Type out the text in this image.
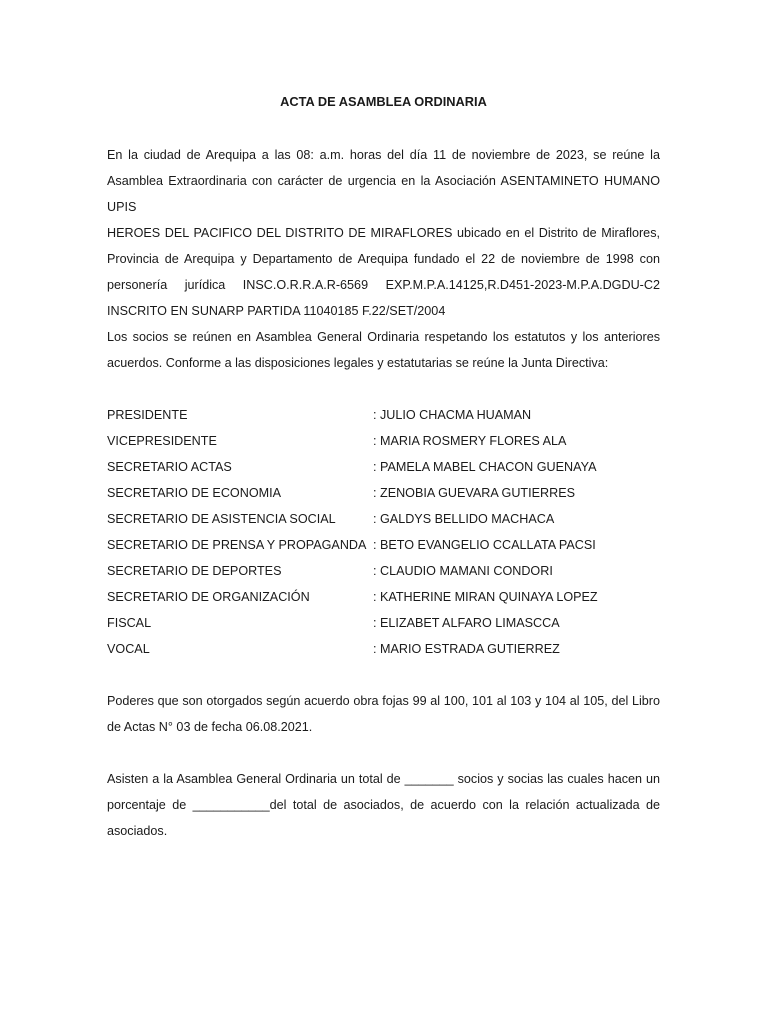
ACTA DE ASAMBLEA ORDINARIA
En la ciudad de Arequipa a las 08: a.m. horas del día 11 de noviembre de 2023, se reúne la
Asamblea Extraordinaria con carácter de urgencia en la Asociación ASENTAMINETO HUMANO UPIS
HEROES DEL PACIFICO DEL DISTRITO DE MIRAFLORES ubicado en el Distrito de Miraflores,
Provincia de Arequipa y Departamento de Arequipa fundado el 22 de noviembre de 1998 con
personería jurídica INSC.O.R.R.A.R-6569 EXP.M.P.A.14125,R.D451-2023-M.P.A.DGDU-C2
INSCRITO EN SUNARP PARTIDA 11040185 F.22/SET/2004
Los socios se reúnen en Asamblea General Ordinaria respetando los estatutos y los anteriores
acuerdos. Conforme a las disposiciones legales y estatutarias se reúne la Junta Directiva:
PRESIDENTE	: JULIO CHACMA HUAMAN
VICEPRESIDENTE	: MARIA ROSMERY FLORES ALA
SECRETARIO ACTAS	: PAMELA MABEL CHACON GUENAYA
SECRETARIO DE ECONOMIA	: ZENOBIA GUEVARA GUTIERRES
SECRETARIO DE ASISTENCIA SOCIAL	: GALDYS BELLIDO MACHACA
SECRETARIO DE PRENSA Y PROPAGANDA : BETO EVANGELIO CCALLATA PACSI
SECRETARIO DE DEPORTES	: CLAUDIO MAMANI CONDORI
SECRETARIO DE ORGANIZACIÓN	: KATHERINE MIRAN QUINAYA LOPEZ
FISCAL	: ELIZABET ALFARO LIMASCCA
VOCAL	: MARIO ESTRADA GUTIERREZ
Poderes que son otorgados según acuerdo obra fojas 99 al 100, 101 al 103 y 104 al 105, del Libro
de Actas N° 03 de fecha 06.08.2021.
Asisten a la Asamblea General Ordinaria un total de _______ socios y socias las cuales hacen un
porcentaje de ___________del total de asociados, de acuerdo con la relación actualizada de
asociados.
